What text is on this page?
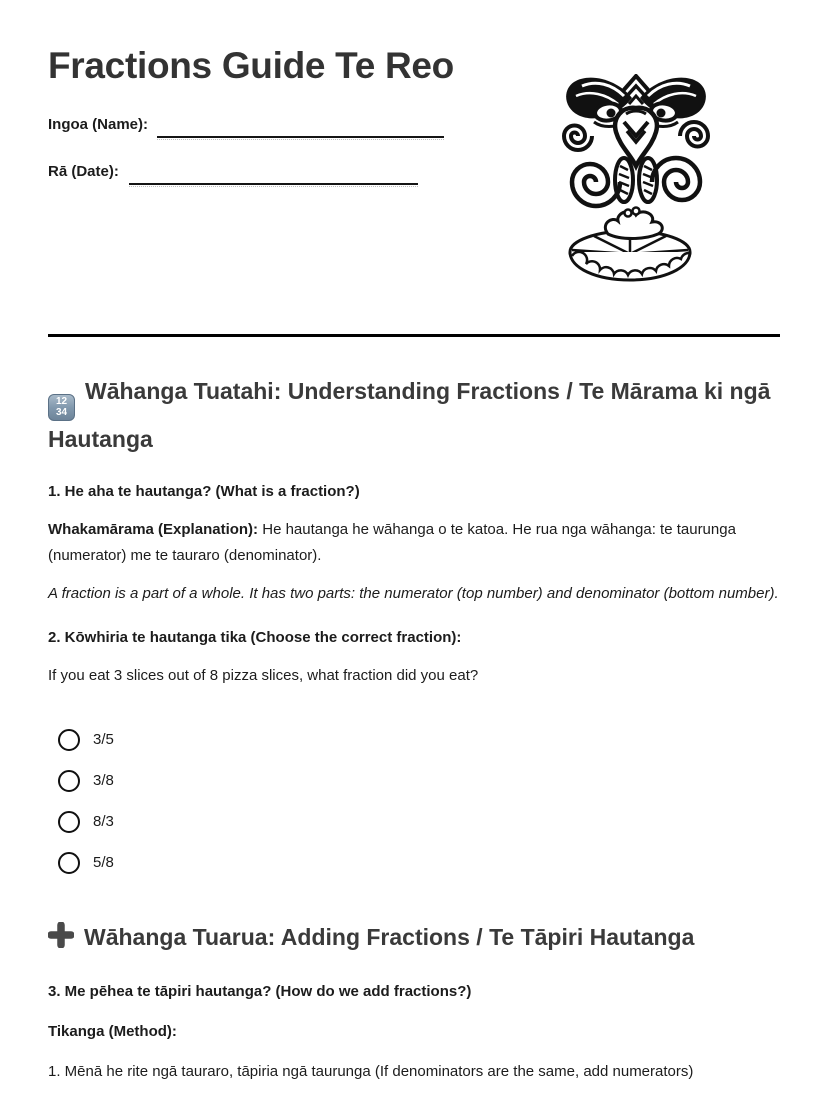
Fractions Guide Te Reo
Ingoa (Name):
Rā (Date):
12
34
Wāhanga Tuatahi: Understanding Fractions / Te Mārama ki ngā Hautanga

1. He aha te hautanga? (What is a fraction?)

Whakamārama (Explanation): He hautanga he wāhanga o te katoa. He rua nga wāhanga: te taurunga (numerator) me te tauraro (denominator).

A fraction is a part of a whole. It has two parts: the numerator (top number) and denominator (bottom number).

2. Kōwhiria te hautanga tika (Choose the correct fraction):

If you eat 3 slices out of 8 pizza slices, what fraction did you eat?

3/5
3/8
8/3
5/8
Wāhanga Tuarua: Adding Fractions / Te Tāpiri Hautanga

3. Me pēhea te tāpiri hautanga? (How do we add fractions?)

Tikanga (Method):

1. Mēnā he rite ngā tauraro, tāpiria ngā taurunga (If denominators are the same, add numerators)
